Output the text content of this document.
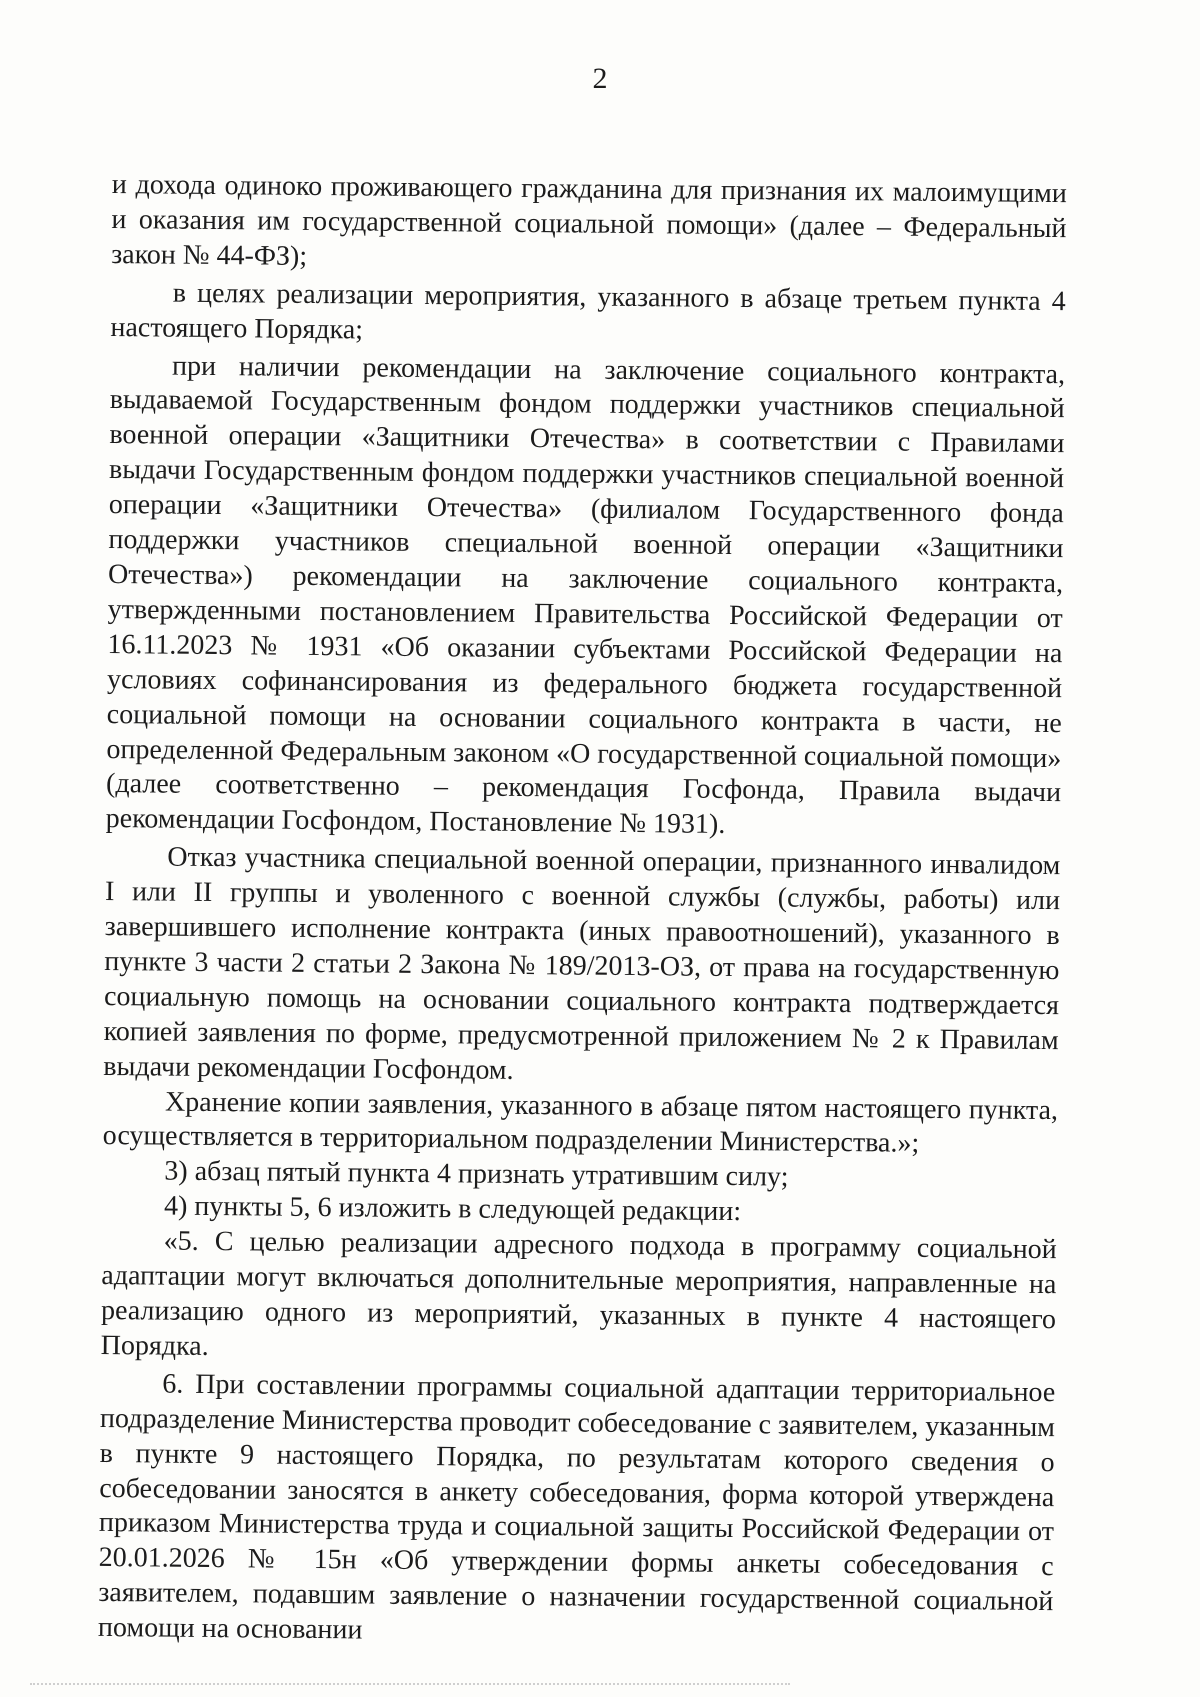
2

и дохода одиноко проживающего гражданина для признания их малоимущими и оказания им государственной социальной помощи» (далее – Федеральный закон № 44-ФЗ);

в целях реализации мероприятия, указанного в абзаце третьем пункта 4 настоящего Порядка;

при наличии рекомендации на заключение социального контракта, выдаваемой Государственным фондом поддержки участников специальной военной операции «Защитники Отечества» в соответствии с Правилами выдачи Государственным фондом поддержки участников специальной военной операции «Защитники Отечества» (филиалом Государственного фонда поддержки участников специальной военной операции «Защитники Отечества») рекомендации на заключение социального контракта, утвержденными постановлением Правительства Российской Федерации от 16.11.2023 № 1931 «Об оказании субъектами Российской Федерации на условиях софинансирования из федерального бюджета государственной социальной помощи на основании социального контракта в части, не определенной Федеральным законом «О государственной социальной помощи» (далее соответственно – рекомендация Госфонда, Правила выдачи рекомендации Госфондом, Постановление № 1931).

Отказ участника специальной военной операции, признанного инвалидом I или II группы и уволенного с военной службы (службы, работы) или завершившего исполнение контракта (иных правоотношений), указанного в пункте 3 части 2 статьи 2 Закона № 189/2013-ОЗ, от права на государственную социальную помощь на основании социального контракта подтверждается копией заявления по форме, предусмотренной приложением № 2 к Правилам выдачи рекомендации Госфондом.

Хранение копии заявления, указанного в абзаце пятом настоящего пункта, осуществляется в территориальном подразделении Министерства.»;

3) абзац пятый пункта 4 признать утратившим силу;

4) пункты 5, 6 изложить в следующей редакции:

«5. С целью реализации адресного подхода в программу социальной адаптации могут включаться дополнительные мероприятия, направленные на реализацию одного из мероприятий, указанных в пункте 4 настоящего Порядка.

6. При составлении программы социальной адаптации территориальное подразделение Министерства проводит собеседование с заявителем, указанным в пункте 9 настоящего Порядка, по результатам которого сведения о собеседовании заносятся в анкету собеседования, форма которой утверждена приказом Министерства труда и социальной защиты Российской Федерации от 20.01.2026 № 15н «Об утверждении формы анкеты собеседования с заявителем, подавшим заявление о назначении государственной социальной помощи на основании
